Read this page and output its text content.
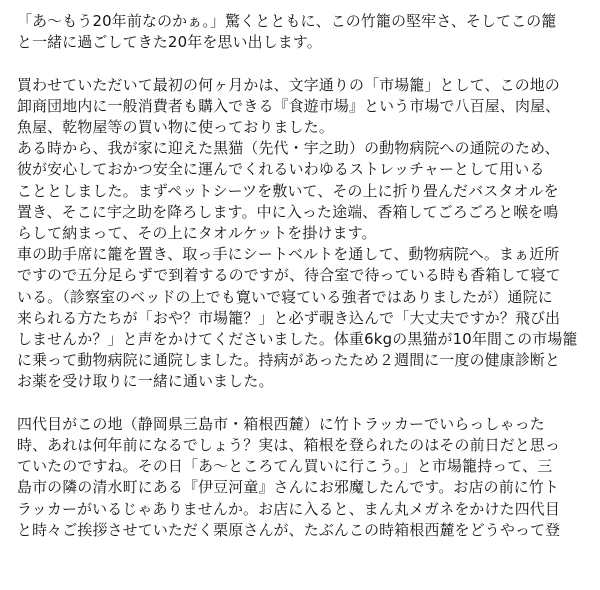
「あ〜もう20年前なのかぁ。」驚くとともに、この竹籠の堅牢さ、そしてこの籠
と一緒に過ごしてきた20年を思い出します。
買わせていただいて最初の何ヶ月かは、文字通りの「市場籠」として、この地の
卸商団地内に一般消費者も購入できる『食遊市場』という市場で八百屋、肉屋、
魚屋、乾物屋等の買い物に使っておりました。
ある時から、我が家に迎えた黒猫（先代・宇之助）の動物病院への通院のため、
彼が安心しておかつ安全に運んでくれるいわゆるストレッチャーとして用いる
こととしました。まずペットシーツを敷いて、その上に折り畳んだバスタオルを
置き、そこに宇之助を降ろします。中に入った途端、香箱してごろごろと喉を鳴
らして納まって、その上にタオルケットを掛けます。
車の助手席に籠を置き、取っ手にシートベルトを通して、動物病院へ。まぁ近所
ですので五分足らずで到着するのですが、待合室で待っている時も香箱して寝て
いる。（診察室のベッドの上でも寛いで寝ている強者ではありましたが）通院に
来られる方たちが「おや？市場籠？」と必ず覗き込んで「大丈夫ですか？飛び出
しませんか？」と声をかけてくださいました。体重6kgの黒猫が10年間この市場籠
に乗って動物病院に通院しました。持病があったため２週間に一度の健康診断と
お薬を受け取りに一緒に通いました。
四代目がこの地（静岡県三島市・箱根西麓）に竹トラッカーでいらっしゃった
時、あれは何年前になるでしょう？実は、箱根を登られたのはその前日だと思っ
ていたのですね。その日「あ〜ところてん買いに行こう。」と市場籠持って、三
島市の隣の清水町にある『伊豆河童』さんにお邪魔したんです。お店の前に竹ト
ラッカーがいるじゃありませんか。お店に入ると、まん丸メガネをかけた四代目
と時々ご挨拶させていただく栗原さんが、たぶんこの時箱根西麓をどうやって登
